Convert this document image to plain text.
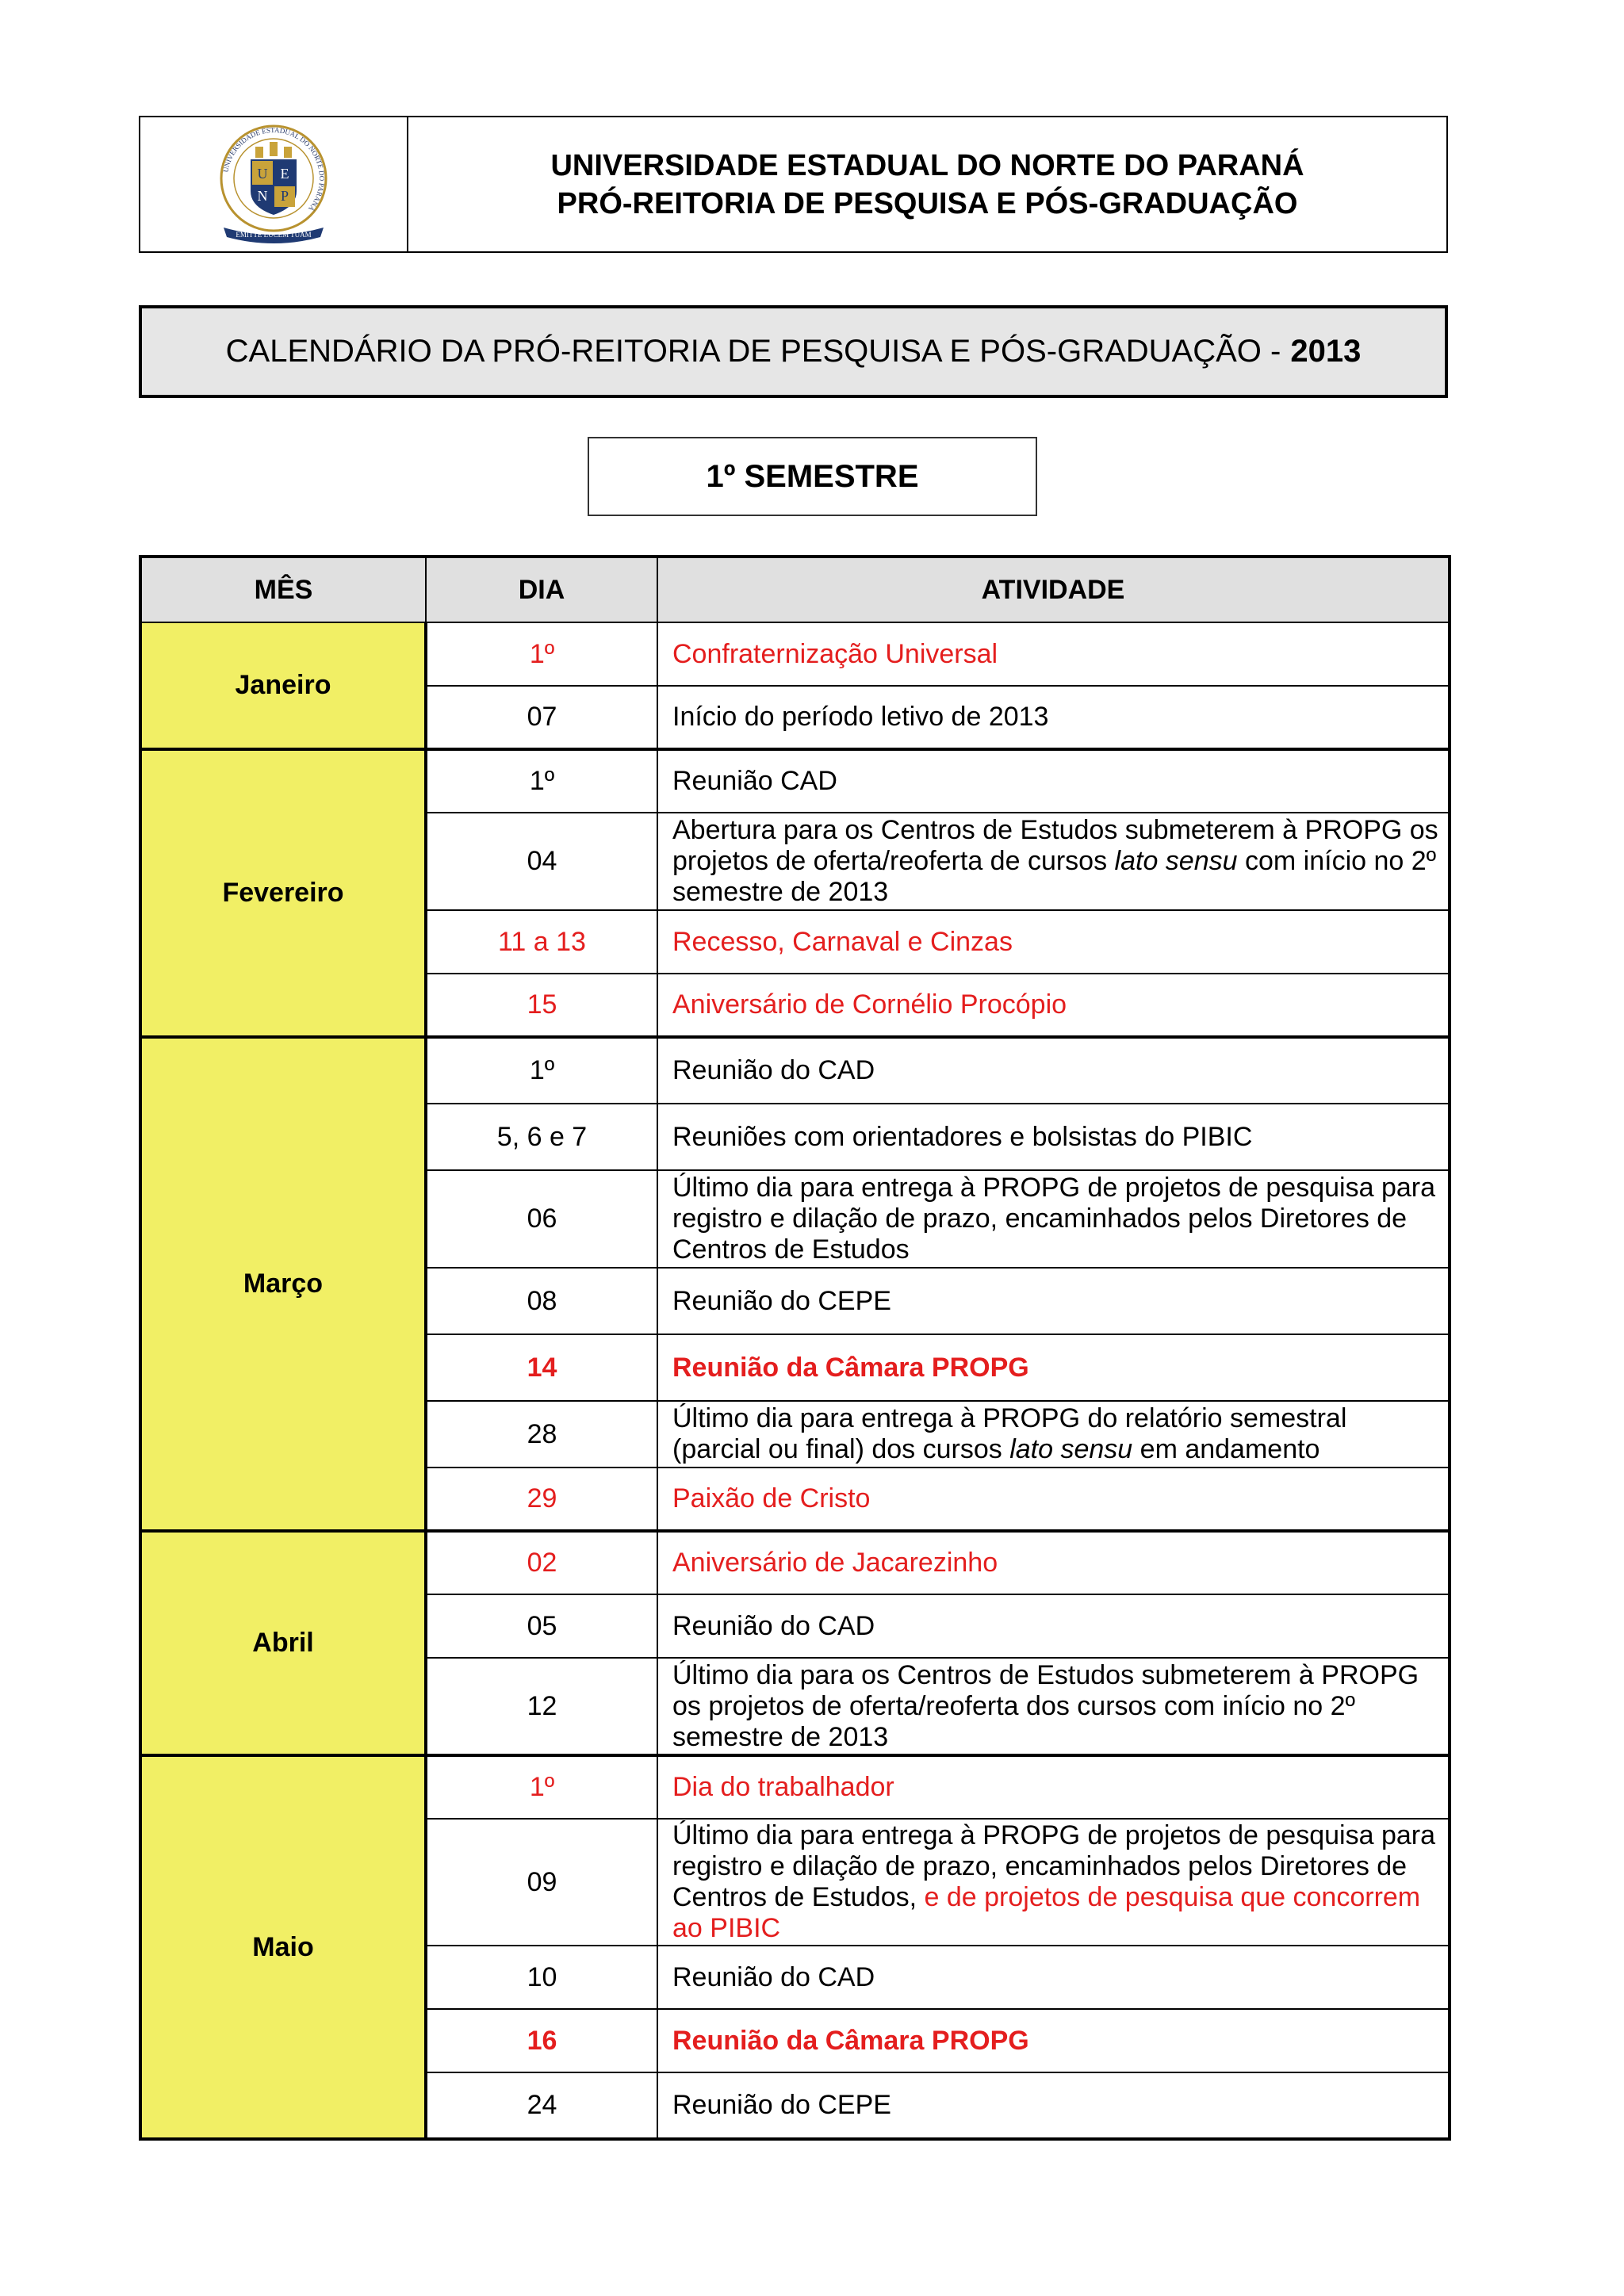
UNIVERSIDADE ESTADUAL DO NORTE DO PARANÁ
U E
N P
EMITTE LUCEM TUAM
UNIVERSIDADE ESTADUAL DO NORTE DO PARANÁ
PRÓ-REITORIA DE PESQUISA E PÓS-GRADUAÇÃO
CALENDÁRIO DA PRÓ-REITORIA DE PESQUISA E PÓS-GRADUAÇÃO - 2013
1º SEMESTRE
MÊS	DIA	ATIVIDADE
Janeiro	1º	Confraternização Universal
	07	Início do período letivo de 2013
Fevereiro	1º	Reunião CAD
	04	Abertura para os Centros de Estudos submeterem à PROPG os projetos de oferta/reoferta de cursos lato sensu com início no 2º semestre de 2013
	11 a 13	Recesso, Carnaval e Cinzas
	15	Aniversário de Cornélio Procópio
Março	1º	Reunião do CAD
	5, 6 e 7	Reuniões com orientadores e bolsistas do PIBIC
	06	Último dia para entrega à PROPG de projetos de pesquisa para registro e dilação de prazo, encaminhados pelos Diretores de Centros de Estudos
	08	Reunião do CEPE
	14	Reunião da Câmara PROPG
	28	Último dia para entrega à PROPG do relatório semestral (parcial ou final) dos cursos lato sensu em andamento
	29	Paixão de Cristo
Abril	02	Aniversário de Jacarezinho
	05	Reunião do CAD
	12	Último dia para os Centros de Estudos submeterem à PROPG os projetos de oferta/reoferta dos cursos com início no 2º semestre de 2013
Maio	1º	Dia do trabalhador
	09	Último dia para entrega à PROPG de projetos de pesquisa para registro e dilação de prazo, encaminhados pelos Diretores de Centros de Estudos, e de projetos de pesquisa que concorrem ao PIBIC
	10	Reunião do CAD
	16	Reunião da Câmara PROPG
	24	Reunião do CEPE
